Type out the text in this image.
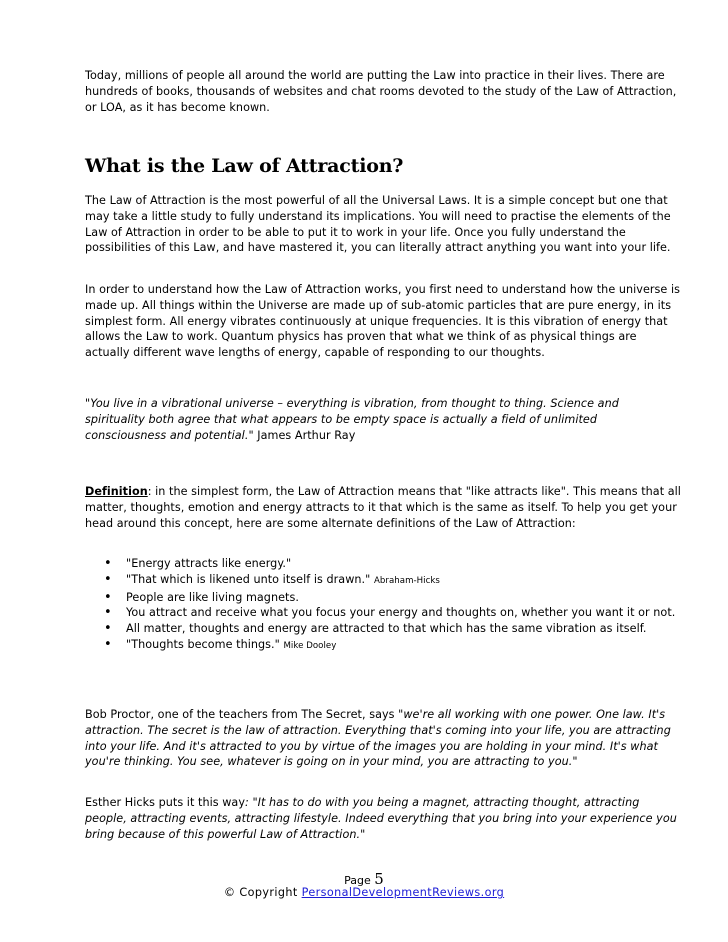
Today, millions of people all around the world are putting the Law into practice in their lives. There are hundreds of books, thousands of websites and chat rooms devoted to the study of the Law of Attraction, or LOA, as it has become known.

What is the Law of Attraction?

The Law of Attraction is the most powerful of all the Universal Laws. It is a simple concept but one that may take a little study to fully understand its implications. You will need to practise the elements of the Law of Attraction in order to be able to put it to work in your life. Once you fully understand the possibilities of this Law, and have mastered it, you can literally attract anything you want into your life.

In order to understand how the Law of Attraction works, you first need to understand how the universe is made up. All things within the Universe are made up of sub-atomic particles that are pure energy, in its simplest form. All energy vibrates continuously at unique frequencies. It is this vibration of energy that allows the Law to work. Quantum physics has proven that what we think of as physical things are actually different wave lengths of energy, capable of responding to our thoughts.

"You live in a vibrational universe – everything is vibration, from thought to thing. Science and spirituality both agree that what appears to be empty space is actually a field of unlimited consciousness and potential." James Arthur Ray

Definition: in the simplest form, the Law of Attraction means that "like attracts like". This means that all matter, thoughts, emotion and energy attracts to it that which is the same as itself. To help you get your head around this concept, here are some alternate definitions of the Law of Attraction:

• "Energy attracts like energy."
• "That which is likened unto itself is drawn." Abraham-Hicks
• People are like living magnets.
• You attract and receive what you focus your energy and thoughts on, whether you want it or not.
• All matter, thoughts and energy are attracted to that which has the same vibration as itself.
• "Thoughts become things." Mike Dooley

Bob Proctor, one of the teachers from The Secret, says "we're all working with one power. One law. It's attraction. The secret is the law of attraction. Everything that's coming into your life, you are attracting into your life. And it's attracted to you by virtue of the images you are holding in your mind. It's what you're thinking. You see, whatever is going on in your mind, you are attracting to you."

Esther Hicks puts it this way: "It has to do with you being a magnet, attracting thought, attracting people, attracting events, attracting lifestyle. Indeed everything that you bring into your experience you bring because of this powerful Law of Attraction."

Page 5
© Copyright PersonalDevelopmentReviews.org
